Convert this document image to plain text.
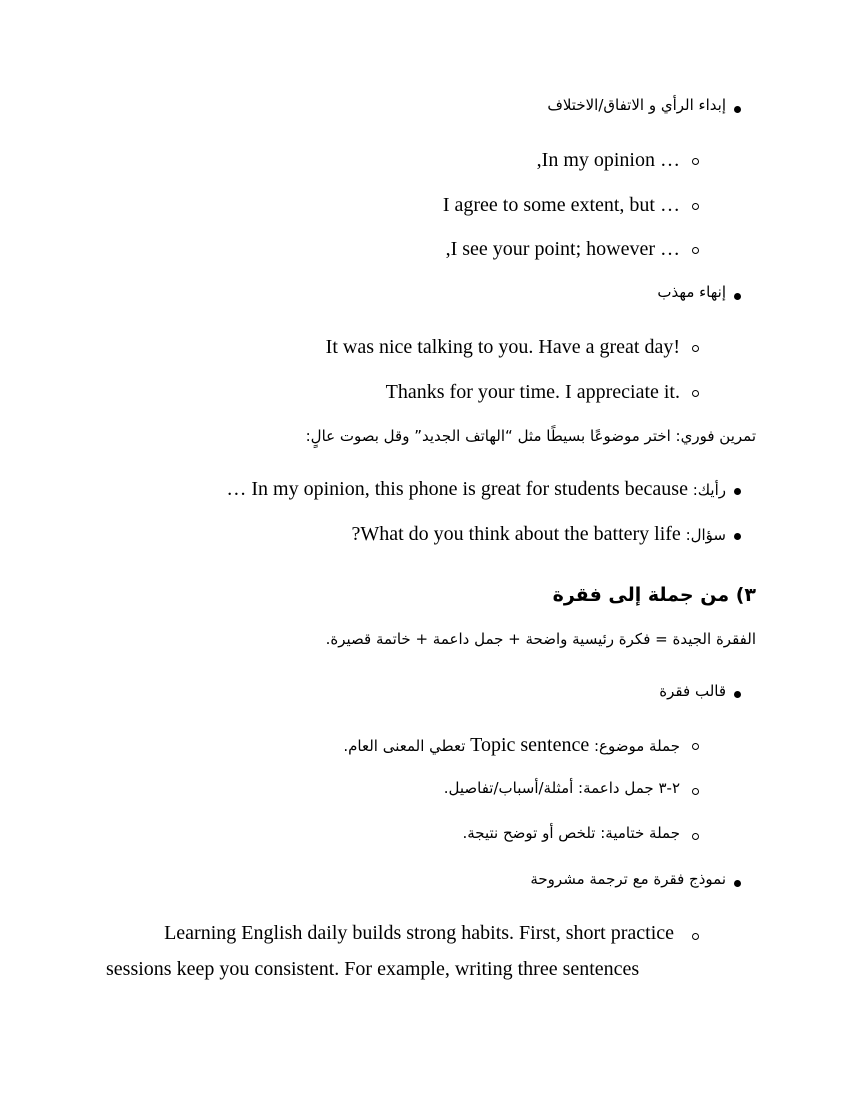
إبداء الرأي و الاتفاق/الاختلاف
,In my opinion …
I agree to some extent, but …
,I see your point; however …
إنهاء مهذب
It was nice talking to you. Have a great day!
Thanks for your time. I appreciate it.
تمرين فوري: اختر موضوعًا بسيطًا مثل “الهاتف الجديد” وقل بصوت عالٍ:
رأيك: In my opinion, this phone is great for students because …
سؤال: What do you think about the battery life?
٣) من جملة إلى فقرة
الفقرة الجيدة = فكرة رئيسية واضحة + جمل داعمة + خاتمة قصيرة.
قالب فقرة
جملة موضوع: Topic sentence تعطي المعنى العام.
٢-٣ جمل داعمة: أمثلة/أسباب/تفاصيل.
جملة ختامية: تلخص أو توضح نتيجة.
نموذج فقرة مع ترجمة مشروحة
Learning English daily builds strong habits. First, short practice
sessions keep you consistent. For example, writing three sentences
